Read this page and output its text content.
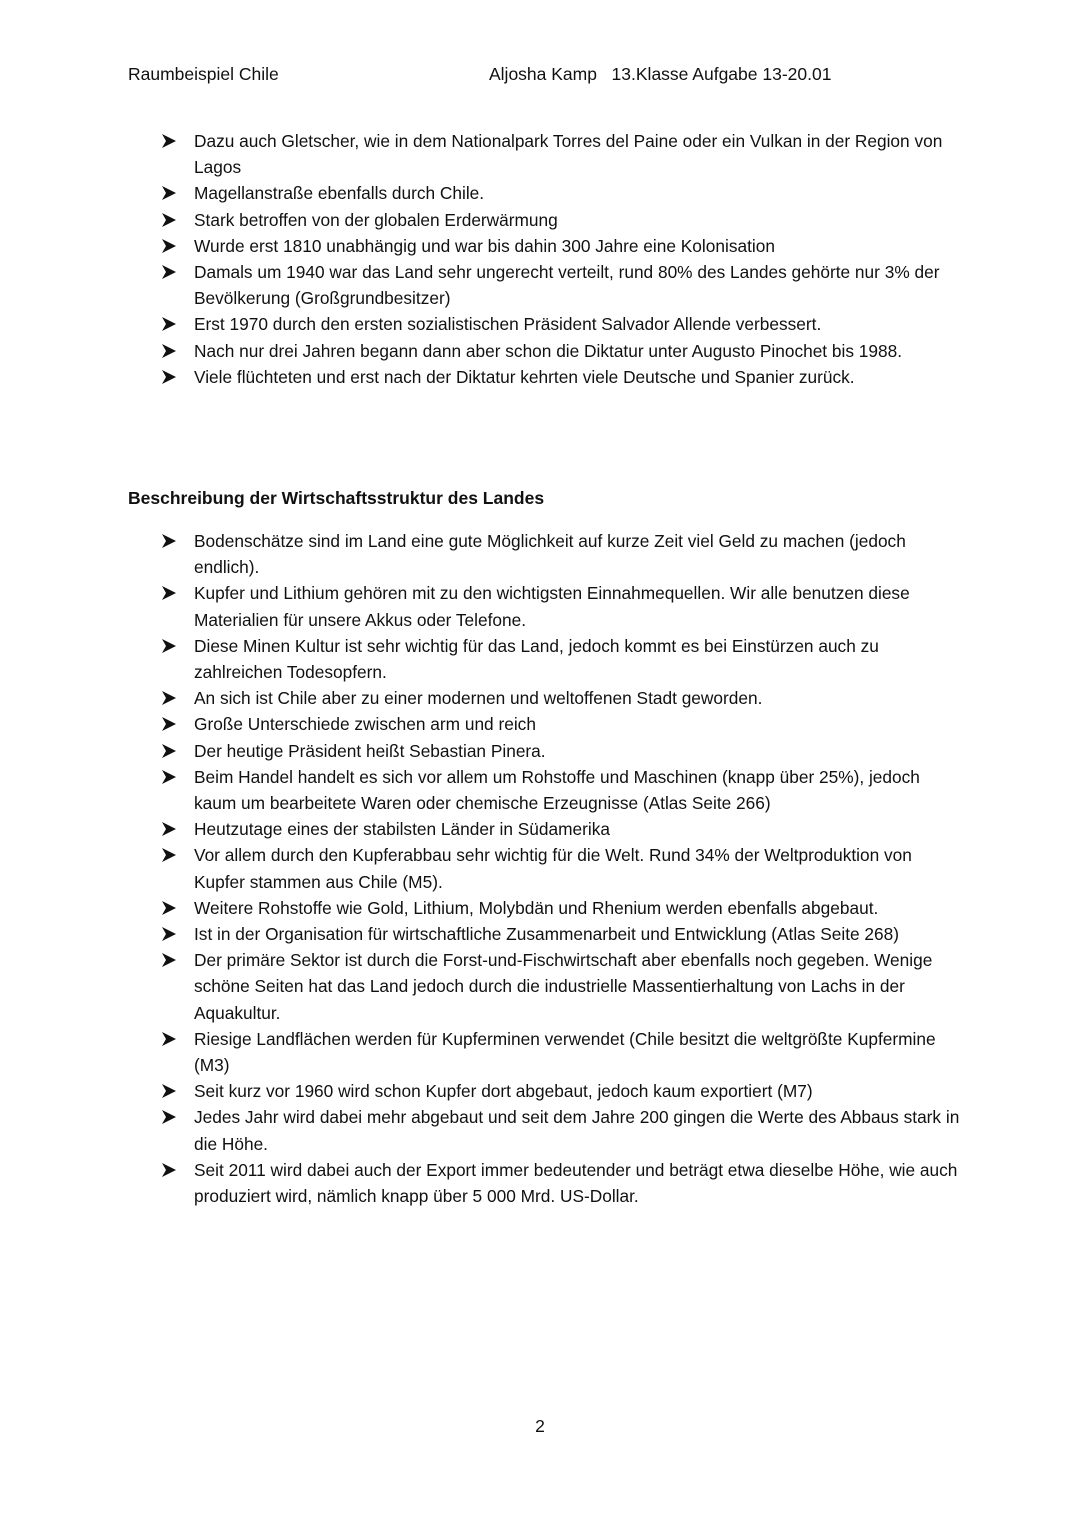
Raumbeispiel Chile	Aljosha Kamp   13.Klasse Aufgabe 13-20.01
Dazu auch Gletscher, wie in dem Nationalpark Torres del Paine oder ein Vulkan in der Region von Lagos
Magellanstraße ebenfalls durch Chile.
Stark betroffen von der globalen Erderwärmung
Wurde erst 1810 unabhängig und war bis dahin 300 Jahre eine Kolonisation
Damals um 1940 war das Land sehr ungerecht verteilt, rund 80% des Landes gehörte nur 3% der Bevölkerung (Großgrundbesitzer)
Erst 1970 durch den ersten sozialistischen Präsident Salvador Allende verbessert.
Nach nur drei Jahren begann dann aber schon die Diktatur unter Augusto Pinochet bis 1988.
Viele flüchteten und erst nach der Diktatur kehrten viele Deutsche und Spanier zurück.
Beschreibung der Wirtschaftsstruktur des Landes
Bodenschätze sind im Land eine gute Möglichkeit auf kurze Zeit viel Geld zu machen (jedoch endlich).
Kupfer und Lithium gehören mit zu den wichtigsten Einnahmequellen. Wir alle benutzen diese Materialien für unsere Akkus oder Telefone.
Diese Minen Kultur ist sehr wichtig für das Land, jedoch kommt es bei Einstürzen auch zu zahlreichen Todesopfern.
An sich ist Chile aber zu einer modernen und weltoffenen Stadt geworden.
Große Unterschiede zwischen arm und reich
Der heutige Präsident heißt Sebastian Pinera.
Beim Handel handelt es sich vor allem um Rohstoffe und Maschinen (knapp über 25%), jedoch kaum um bearbeitete Waren oder chemische Erzeugnisse (Atlas Seite 266)
Heutzutage eines der stabilsten Länder in Südamerika
Vor allem durch den Kupferabbau sehr wichtig für die Welt. Rund 34% der Weltproduktion von Kupfer stammen aus Chile (M5).
Weitere Rohstoffe wie Gold, Lithium, Molybdän und Rhenium werden ebenfalls abgebaut.
Ist in der Organisation für wirtschaftliche Zusammenarbeit und Entwicklung (Atlas Seite 268)
Der primäre Sektor ist durch die Forst-und-Fischwirtschaft aber ebenfalls noch gegeben. Wenige schöne Seiten hat das Land jedoch durch die industrielle Massentierhaltung von Lachs in der Aquakultur.
Riesige Landflächen werden für Kupferminen verwendet (Chile besitzt die weltgrößte Kupfermine (M3)
Seit kurz vor 1960 wird schon Kupfer dort abgebaut, jedoch kaum exportiert (M7)
Jedes Jahr wird dabei mehr abgebaut und seit dem Jahre 200 gingen die Werte des Abbaus stark in die Höhe.
Seit 2011 wird dabei auch der Export immer bedeutender und beträgt etwa dieselbe Höhe, wie auch produziert wird, nämlich knapp über 5 000 Mrd. US-Dollar.
2
